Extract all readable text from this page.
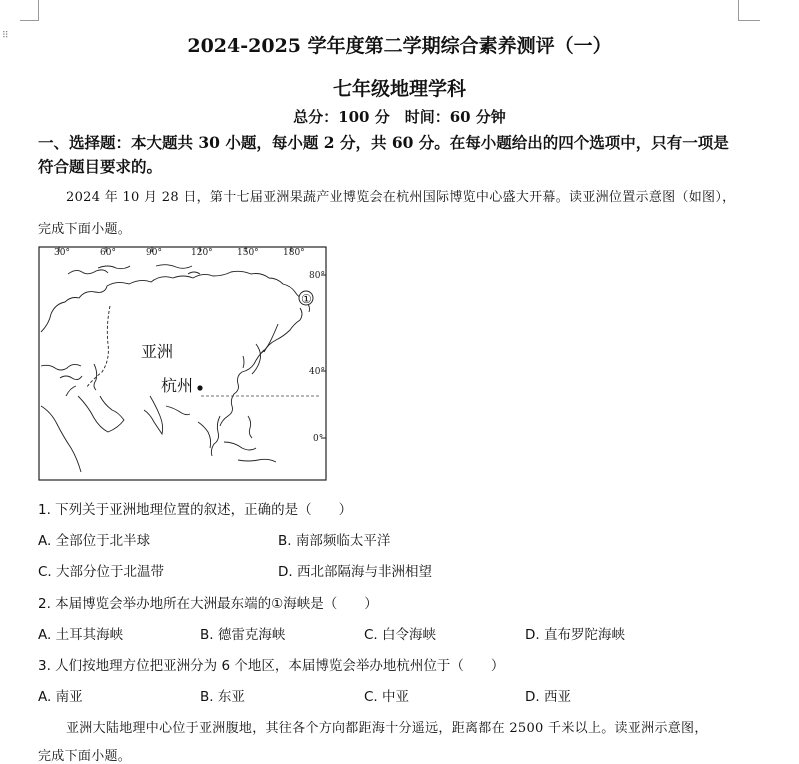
⠿	2024-2025 学年度第二学期综合素养测评（一）
七年级地理学科
总分：100 分　时间：60 分钟
一、选择题：本大题共 30 小题，每小题 2 分，共 60 分。在每小题给出的四个选项中，只有一项是
符合题目要求的。
2024 年 10 月 28 日，第十七届亚洲果蔬产业博览会在杭州国际博览中心盛大开幕。读亚洲位置示意图（如图），
完成下面小题。
30°	60°	90°	120°	150°	180°
80°
40°
0°
①
亚洲
杭州
1. 下列关于亚洲地理位置的叙述，正确的是（　　）
A. 全部位于北半球	B. 南部频临太平洋
C. 大部分位于北温带	D. 西北部隔海与非洲相望
2. 本届博览会举办地所在大洲最东端的①海峡是（　　）
A. 土耳其海峡	B. 德雷克海峡	C. 白令海峡	D. 直布罗陀海峡
3. 人们按地理方位把亚洲分为 6 个地区，本届博览会举办地杭州位于（　　）
A. 南亚	B. 东亚	C. 中亚	D. 西亚
亚洲大陆地理中心位于亚洲腹地，其往各个方向都距海十分遥远，距离都在 2500 千米以上。读亚洲示意图，
完成下面小题。
